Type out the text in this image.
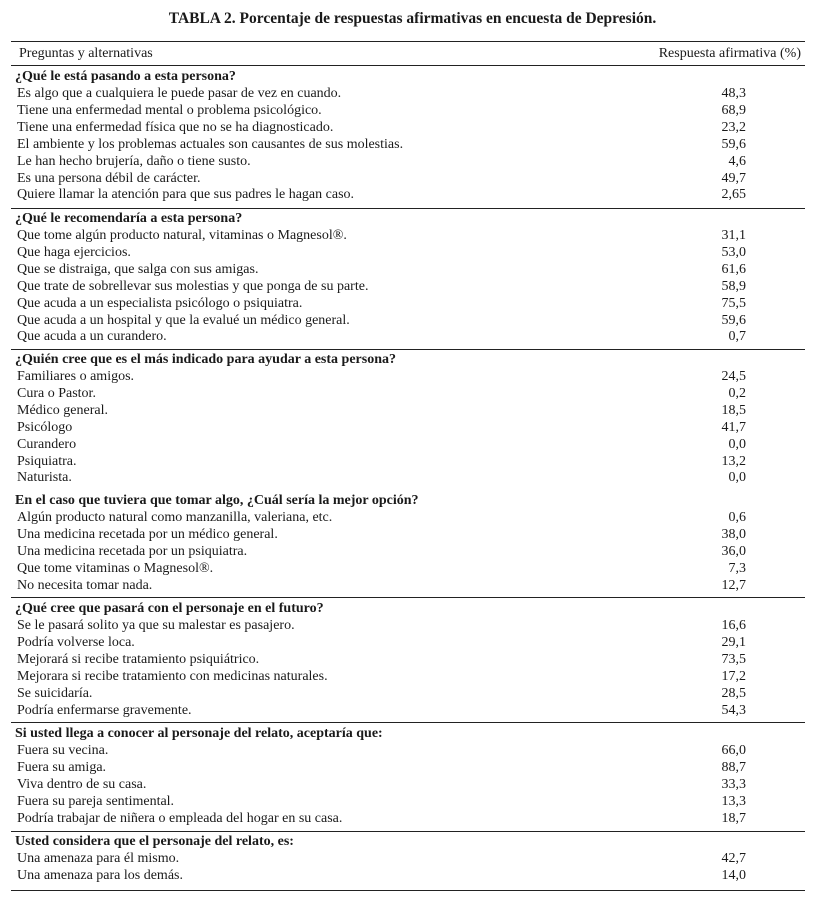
TABLA 2. Porcentaje de respuestas afirmativas en encuesta de Depresión.
Preguntas y alternativas	Respuesta afirmativa (%)
¿Qué le está pasando a esta persona?
Es algo que a cualquiera le puede pasar de vez en cuando.	48,3
Tiene una enfermedad mental o problema psicológico.	68,9
Tiene una enfermedad física que no se ha diagnosticado.	23,2
El ambiente y los problemas actuales son causantes de sus molestias.	59,6
Le han hecho brujería, daño o tiene susto.	4,6
Es una persona débil de carácter.	49,7
Quiere llamar la atención para que sus padres le hagan caso.	2,65
¿Qué le recomendaría a esta persona?
Que tome algún producto natural, vitaminas o Magnesol®.	31,1
Que haga ejercicios.	53,0
Que se distraiga, que salga con sus amigas.	61,6
Que trate de sobrellevar sus molestias y que ponga de su parte.	58,9
Que acuda a un especialista psicólogo o psiquiatra.	75,5
Que acuda a un hospital y que la evalué un médico general.	59,6
Que acuda a un curandero.	0,7
¿Quién cree que es el más indicado para ayudar a esta persona?
Familiares o amigos.	24,5
Cura o Pastor.	0,2
Médico general.	18,5
Psicólogo	41,7
Curandero	0,0
Psiquiatra.	13,2
Naturista.	0,0
En el caso que tuviera que tomar algo, ¿Cuál sería la mejor opción?
Algún producto natural como manzanilla, valeriana, etc.	0,6
Una medicina recetada por un médico general.	38,0
Una medicina recetada por un psiquiatra.	36,0
Que tome vitaminas o Magnesol®.	7,3
No necesita tomar nada.	12,7
¿Qué cree que pasará con el personaje en el futuro?
Se le pasará solito ya que su malestar es pasajero.	16,6
Podría volverse loca.	29,1
Mejorará si recibe tratamiento psiquiátrico.	73,5
Mejorara si recibe tratamiento con medicinas naturales.	17,2
Se suicidaría.	28,5
Podría enfermarse gravemente.	54,3
Si usted llega a conocer al personaje del relato, aceptaría que:
Fuera su vecina.	66,0
Fuera su amiga.	88,7
Viva dentro de su casa.	33,3
Fuera su pareja sentimental.	13,3
Podría trabajar de niñera o empleada del hogar en su casa.	18,7
Usted considera que el personaje del relato, es:
Una amenaza para él mismo.	42,7
Una amenaza para los demás.	14,0
